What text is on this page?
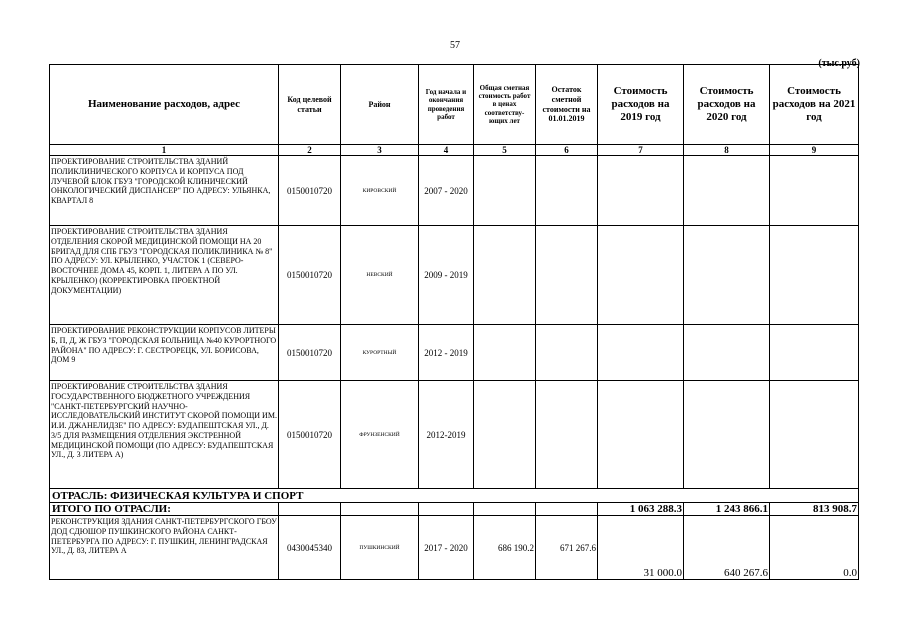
57
(тыс.руб)
Наименование расходов, адрес	Код целевой статьи	Район	Год начала и окончания проведения работ	Общая сметная стоимость работ в ценах соответству-ющих лет	Остаток сметной стоимости на 01.01.2019	Стоимость расходов на 2019 год	Стоимость расходов на 2020 год	Стоимость расходов на 2021 год
1	2	3	4	5	6	7	8	9
ПРОЕКТИРОВАНИЕ СТРОИТЕЛЬСТВА ЗДАНИЙ ПОЛИКЛИНИЧЕСКОГО КОРПУСА И КОРПУСА ПОД ЛУЧЕВОЙ БЛОК ГБУЗ "ГОРОДСКОЙ КЛИНИЧЕСКИЙ ОНКОЛОГИЧЕСКИЙ ДИСПАНСЕР" ПО АДРЕСУ: УЛЬЯНКА, КВАРТАЛ 8	0150010720	КИРОВСКИЙ	2007 - 2020					
ПРОЕКТИРОВАНИЕ СТРОИТЕЛЬСТВА ЗДАНИЯ ОТДЕЛЕНИЯ СКОРОЙ МЕДИЦИНСКОЙ ПОМОЩИ НА 20 БРИГАД ДЛЯ СПБ ГБУЗ "ГОРОДСКАЯ ПОЛИКЛИНИКА № 8" ПО АДРЕСУ: УЛ. КРЫЛЕНКО, УЧАСТОК 1 (СЕВЕРО-ВОСТОЧНЕЕ ДОМА 45, КОРП. 1, ЛИТЕРА А ПО УЛ. КРЫЛЕНКО) (КОРРЕКТИРОВКА ПРОЕКТНОЙ ДОКУМЕНТАЦИИ)	0150010720	НЕВСКИЙ	2009 - 2019					
ПРОЕКТИРОВАНИЕ РЕКОНСТРУКЦИИ КОРПУСОВ ЛИТЕРЫ Б, П, Д, Ж ГБУЗ "ГОРОДСКАЯ БОЛЬНИЦА №40 КУРОРТНОГО РАЙОНА" ПО АДРЕСУ: Г. СЕСТРОРЕЦК, УЛ. БОРИСОВА, ДОМ 9	0150010720	КУРОРТНЫЙ	2012 - 2019					
ПРОЕКТИРОВАНИЕ СТРОИТЕЛЬСТВА ЗДАНИЯ ГОСУДАРСТВЕННОГО БЮДЖЕТНОГО УЧРЕЖДЕНИЯ "САНКТ-ПЕТЕРБУРГСКИЙ НАУЧНО-ИССЛЕДОВАТЕЛЬСКИЙ ИНСТИТУТ СКОРОЙ ПОМОЩИ ИМ. И.И. ДЖАНЕЛИДЗЕ" ПО АДРЕСУ: БУДАПЕШТСКАЯ УЛ., Д. 3/5 ДЛЯ РАЗМЕЩЕНИЯ ОТДЕЛЕНИЯ ЭКСТРЕННОЙ МЕДИЦИНСКОЙ ПОМОЩИ (ПО АДРЕСУ: БУДАПЕШТСКАЯ УЛ., Д. 3 ЛИТЕРА А)	0150010720	ФРУНЗЕНСКИЙ	2012-2019					
ОТРАСЛЬ: ФИЗИЧЕСКАЯ КУЛЬТУРА И СПОРТ								
ИТОГО ПО ОТРАСЛИ:						1 063 288.3	1 243 866.1	813 908.7
РЕКОНСТРУКЦИЯ ЗДАНИЯ САНКТ-ПЕТЕРБУРГСКОГО ГБОУ ДОД СДЮШОР ПУШКИНСКОГО РАЙОНА САНКТ-ПЕТЕРБУРГА ПО АДРЕСУ: Г. ПУШКИН, ЛЕНИНГРАДСКАЯ УЛ., Д. 83, ЛИТЕРА А	0430045340	ПУШКИНСКИЙ	2017 - 2020	686 190.2	671 267.6	31 000.0	640 267.6	0.0
